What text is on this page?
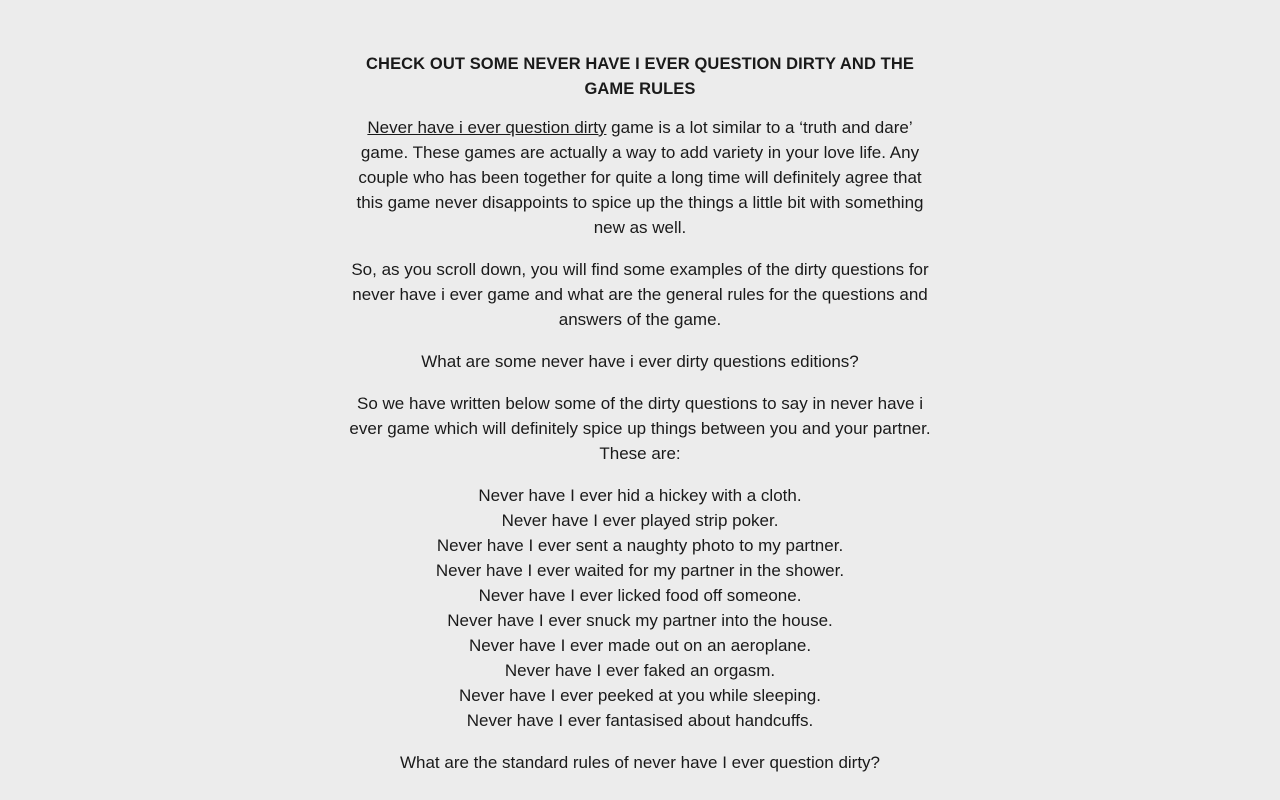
CHECK OUT SOME NEVER HAVE I EVER QUESTION DIRTY AND THE GAME RULES

Never have i ever question dirty game is a lot similar to a ‘truth and dare’ game. These games are actually a way to add variety in your love life. Any couple who has been together for quite a long time will definitely agree that this game never disappoints to spice up the things a little bit with something new as well.

So, as you scroll down, you will find some examples of the dirty questions for never have i ever game and what are the general rules for the questions and answers of the game.

What are some never have i ever dirty questions editions?

So we have written below some of the dirty questions to say in never have i ever game which will definitely spice up things between you and your partner.
These are:

Never have I ever hid a hickey with a cloth.
Never have I ever played strip poker.
Never have I ever sent a naughty photo to my partner.
Never have I ever waited for my partner in the shower.
Never have I ever licked food off someone.
Never have I ever snuck my partner into the house.
Never have I ever made out on an aeroplane.
Never have I ever faked an orgasm.
Never have I ever peeked at you while sleeping.
Never have I ever fantasised about handcuffs.

What are the standard rules of never have I ever question dirty?
